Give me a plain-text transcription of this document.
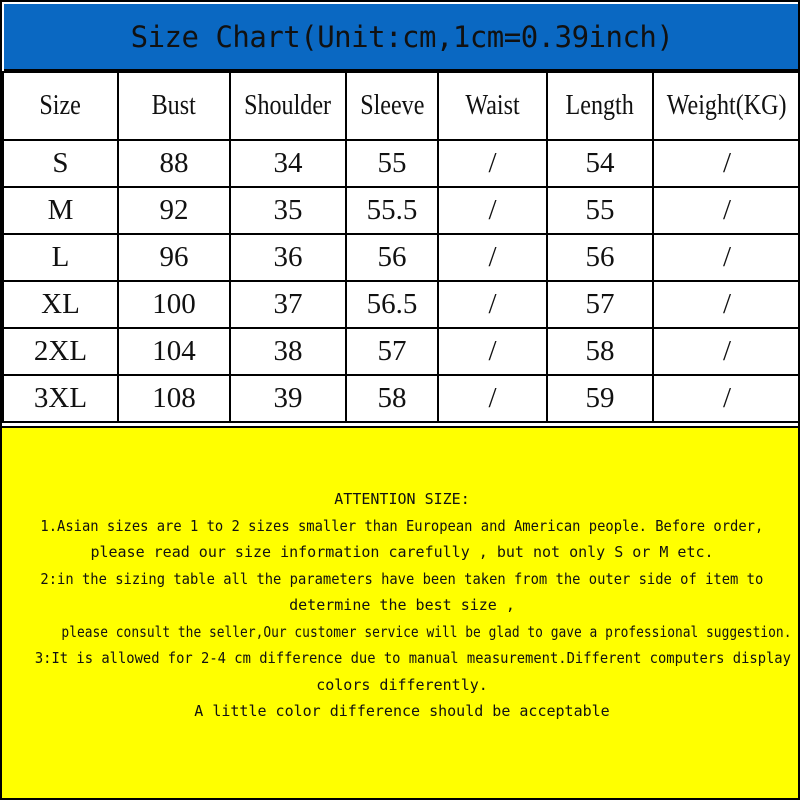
Size Chart(Unit:cm,1cm=0.39inch)
Size	Bust	Shoulder	Sleeve	Waist	Length	Weight(KG)
S	88	34	55	/	54	/
M	92	35	55.5	/	55	/
L	96	36	56	/	56	/
XL	100	37	56.5	/	57	/
2XL	104	38	57	/	58	/
3XL	108	39	58	/	59	/
ATTENTION SIZE:
1.Asian sizes are 1 to 2 sizes smaller than European and American people. Before order,
please read our size information carefully , but not only S or M etc.
2:in the sizing table all the parameters have been taken from the outer side of item to
determine the best size ,
please consult the seller,Our customer service will be glad to gave a professional suggestion.
3:It is allowed for 2-4 cm difference due to manual measurement.Different computers display
colors differently.
A little color difference should be acceptable
